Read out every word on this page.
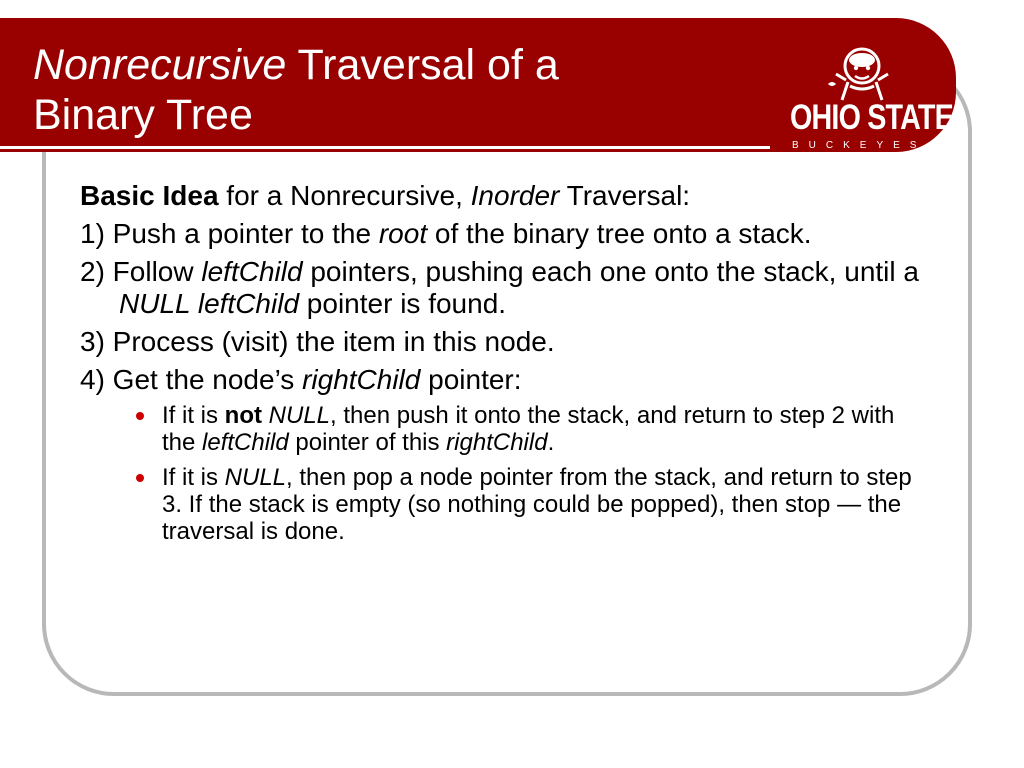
Nonrecursive Traversal of a
Binary Tree	OHIO STATE
BUCKEYES TM

Basic Idea for a Nonrecursive, Inorder Traversal:

1) Push a pointer to the root of the binary tree onto a stack.

2) Follow leftChild pointers, pushing each one onto the stack, until a NULL leftChild pointer is found.

3) Process (visit) the item in this node.

4) Get the node’s rightChild pointer:

If it is not NULL, then push it onto the stack, and return to step 2 with the leftChild pointer of this rightChild.
If it is NULL, then pop a node pointer from the stack, and return to step 3. If the stack is empty (so nothing could be popped), then stop — the traversal is done.
